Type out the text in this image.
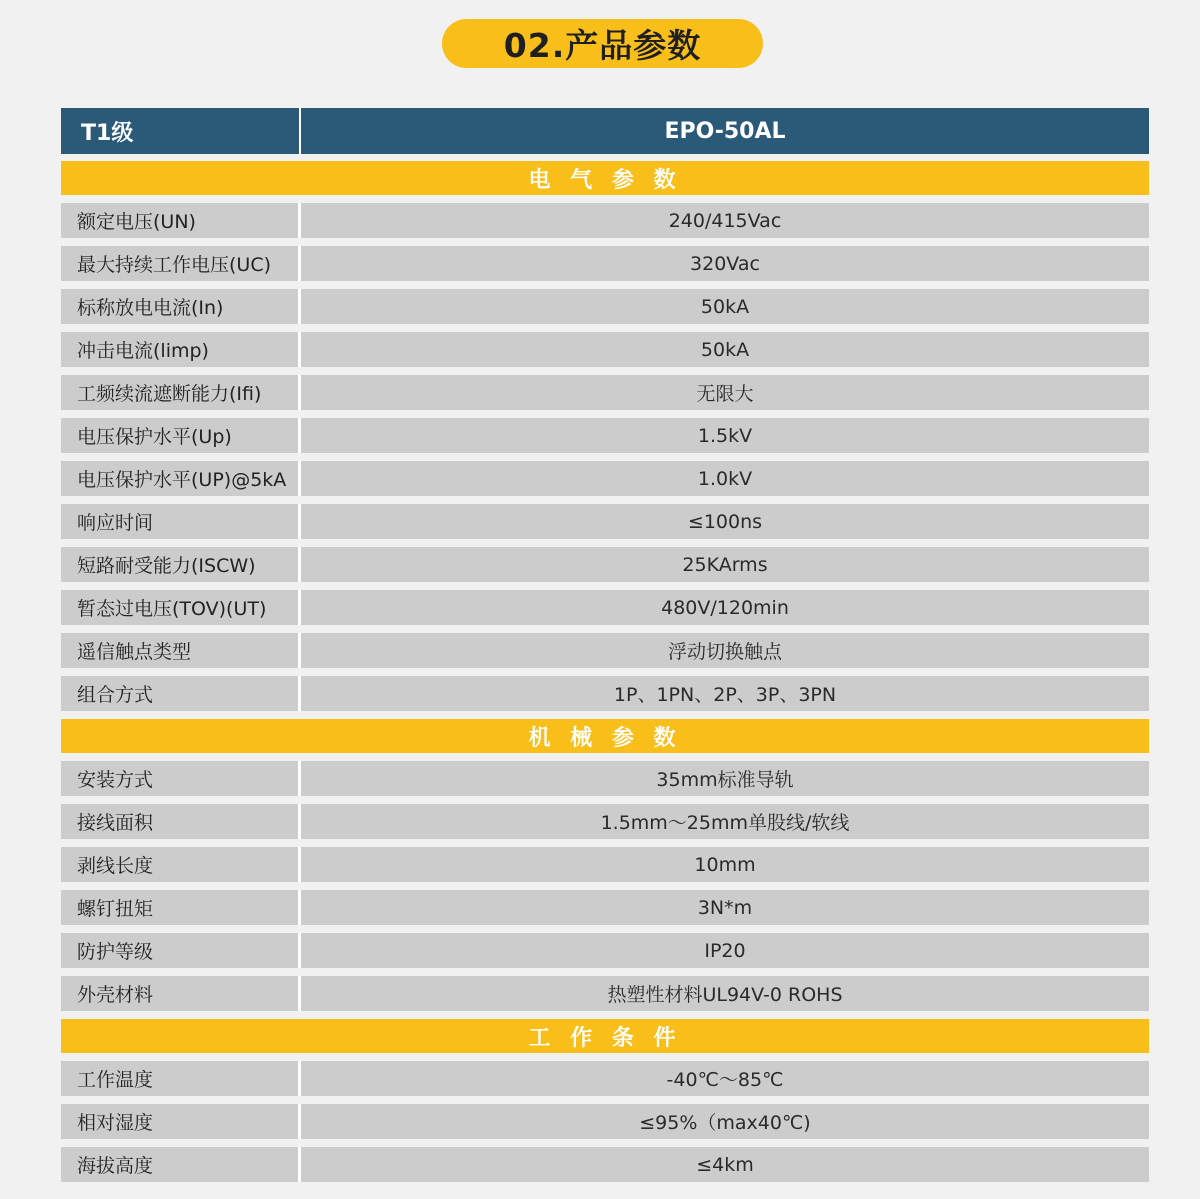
02.产品参数
T1级	EPO-50AL
电 气 参 数
额定电压(UN)	240/415Vac
最大持续工作电压(UC)	320Vac
标称放电电流(In)	50kA
冲击电流(limp)	50kA
工频续流遮断能力(Ifi)	无限大
电压保护水平(Up)	1.5kV
电压保护水平(UP)@5kA	1.0kV
响应时间	≤100ns
短路耐受能力(ISCW)	25KArms
暂态过电压(TOV)(UT)	480V/120min
遥信触点类型	浮动切换触点
组合方式	1P、1PN、2P、3P、3PN
机 械 参 数
安装方式	35mm标准导轨
接线面积	1.5mm～25mm单股线/软线
剥线长度	10mm
螺钉扭矩	3N*m
防护等级	IP20
外壳材料	热塑性材料UL94V-0 ROHS
工 作 条 件
工作温度	-40℃～85℃
相对湿度	≤95%（max40℃)
海拔高度	≤4km
